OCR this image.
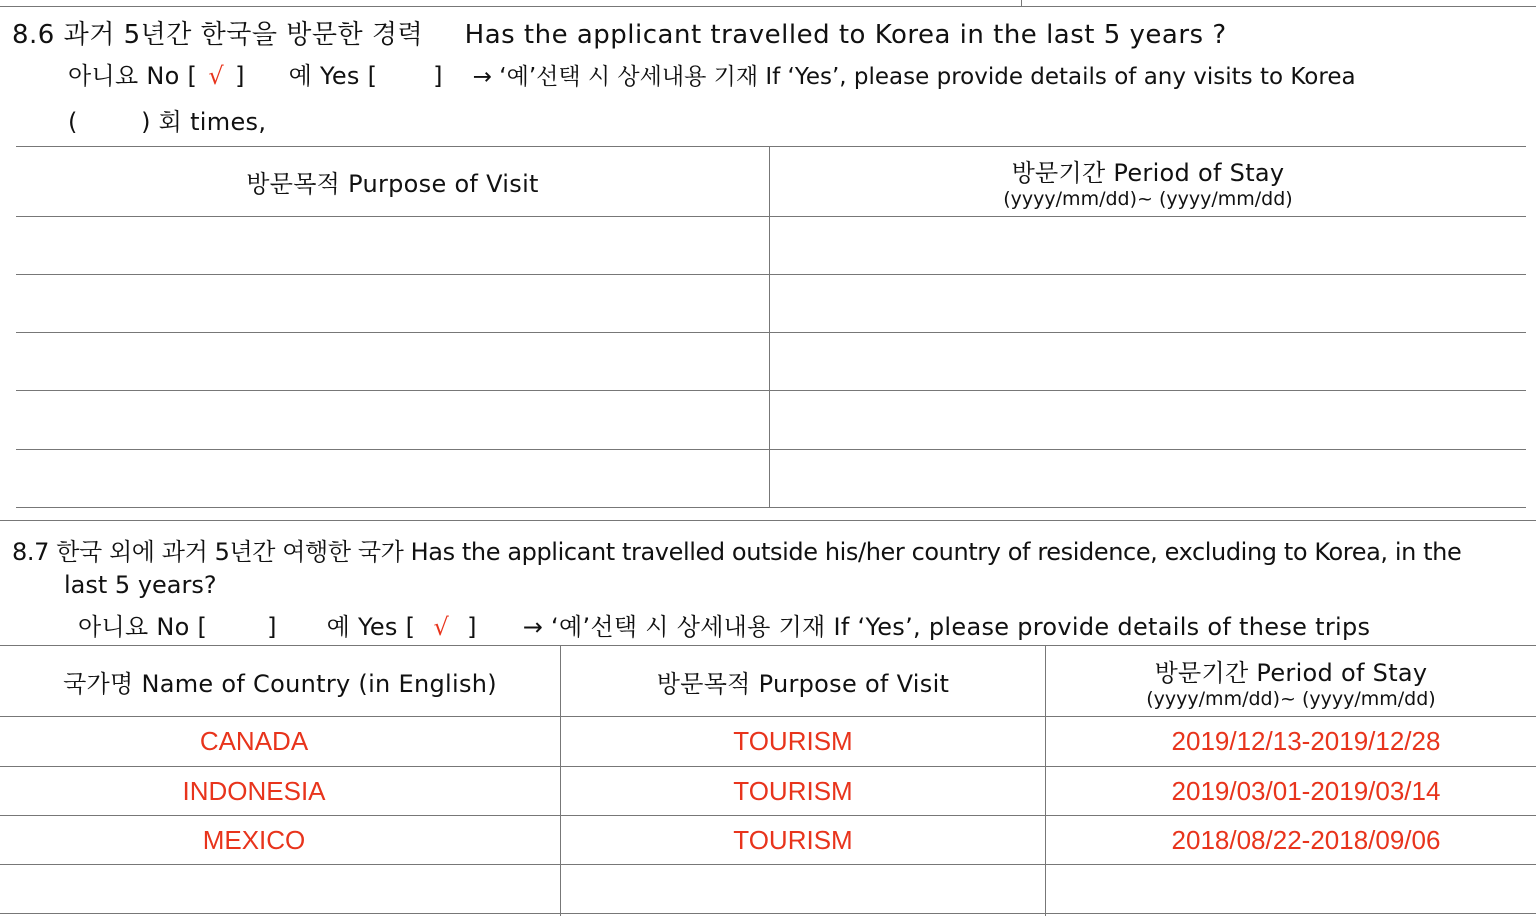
8.6 과거 5년간 한국을 방문한 경력 Has the applicant travelled to Korea in the last 5 years ?
아니요 No [ √ ] 예 Yes [ ] → ‘예’선택 시 상세내용 기재 If ‘Yes’, please provide details of any visits to Korea
(        ) 회 times,
방문목적 Purpose of Visit	방문기간 Period of Stay
(yyyy/mm/dd)~ (yyyy/mm/dd)
8.7 한국 외에 과거 5년간 여행한 국가 Has the applicant travelled outside his/her country of residence, excluding to Korea, in the
last 5 years?
아니요 No [ ] 예 Yes [ √ ] → ‘예’선택 시 상세내용 기재 If ‘Yes’, please provide details of these trips
국가명 Name of Country (in English)	방문목적 Purpose of Visit	방문기간 Period of Stay
(yyyy/mm/dd)~ (yyyy/mm/dd)
CANADA	TOURISM	2019/12/13-2019/12/28
INDONESIA	TOURISM	2019/03/01-2019/03/14
MEXICO	TOURISM	2018/08/22-2018/09/06
